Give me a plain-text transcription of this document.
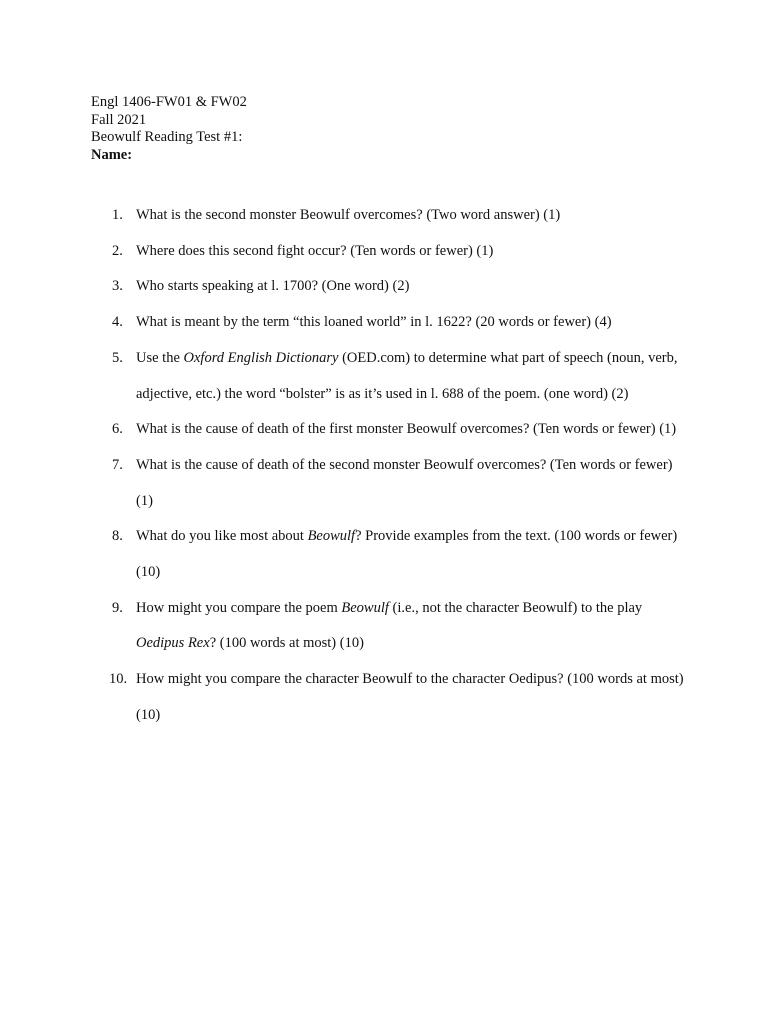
Engl 1406-FW01 & FW02
Fall 2021
Beowulf Reading Test #1:
Name:
1. What is the second monster Beowulf overcomes? (Two word answer) (1)
2. Where does this second fight occur? (Ten words or fewer) (1)
3. Who starts speaking at l. 1700? (One word) (2)
4. What is meant by the term “this loaned world” in l. 1622? (20 words or fewer) (4)
5. Use the Oxford English Dictionary (OED.com) to determine what part of speech (noun, verb, adjective, etc.) the word “bolster” is as it’s used in l. 688 of the poem. (one word) (2)
6. What is the cause of death of the first monster Beowulf overcomes? (Ten words or fewer) (1)
7. What is the cause of death of the second monster Beowulf overcomes? (Ten words or fewer) (1)
8. What do you like most about Beowulf? Provide examples from the text. (100 words or fewer) (10)
9. How might you compare the poem Beowulf (i.e., not the character Beowulf) to the play Oedipus Rex? (100 words at most) (10)
10. How might you compare the character Beowulf to the character Oedipus? (100 words at most) (10)
